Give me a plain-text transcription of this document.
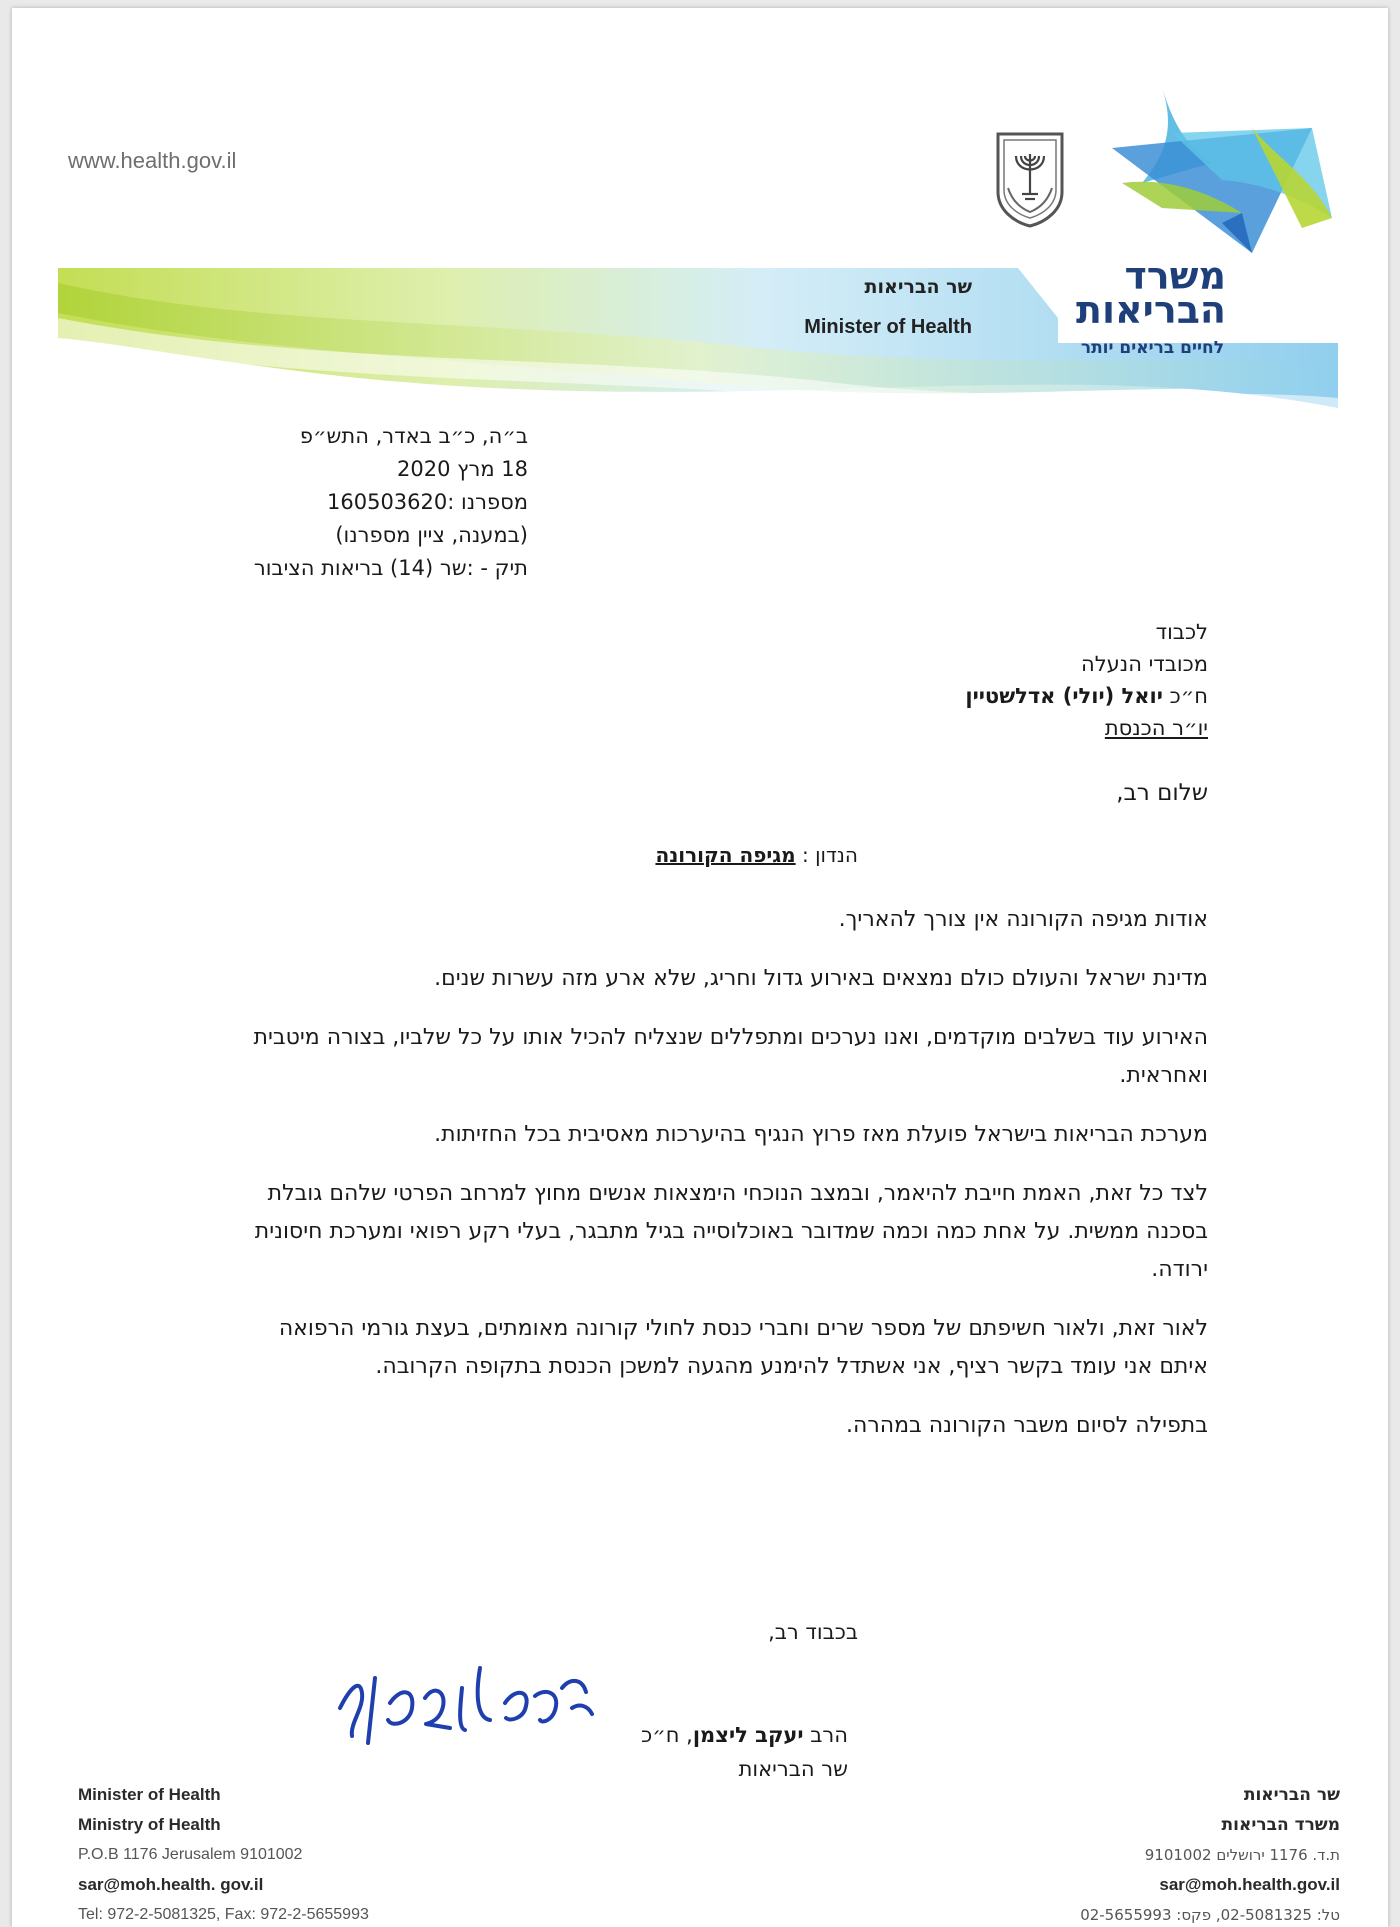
www.health.gov.il
משרד
הבריאות
לחיים בריאים יותר
שר הבריאות
Minister of Health
ב״ה, כ״ב באדר, התש״פ
18 מרץ 2020
מספרנו :160503620
(במענה, ציין מספרנו)
תיק - :שר (14) בריאות הציבור
לכבוד
מכובדי הנעלה
ח״כ יואל (יולי) אדלשטיין
יו״ר הכנסת
שלום רב,
הנדון : מגיפה הקורונה

אודות מגיפה הקורונה אין צורך להאריך.

מדינת ישראל והעולם כולם נמצאים באירוע גדול וחריג, שלא ארע מזה עשרות שנים.

האירוע עוד בשלבים מוקדמים, ואנו נערכים ומתפללים שנצליח להכיל אותו על כל שלביו, בצורה מיטבית ואחראית.

מערכת הבריאות בישראל פועלת מאז פרוץ הנגיף בהיערכות מאסיבית בכל החזיתות.

לצד כל זאת, האמת חייבת להיאמר, ובמצב הנוכחי הימצאות אנשים מחוץ למרחב הפרטי שלהם גובלת בסכנה ממשית. על אחת כמה וכמה שמדובר באוכלוסייה בגיל מתבגר, בעלי רקע רפואי ומערכת חיסונית ירודה.

לאור זאת, ולאור חשיפתם של מספר שרים וחברי כנסת לחולי קורונה מאומתים, בעצת גורמי הרפואה איתם אני עומד בקשר רציף, אני אשתדל להימנע מהגעה למשכן הכנסת בתקופה הקרובה.

בתפילה לסיום משבר הקורונה במהרה.

בכבוד רב,
הרב יעקב ליצמן, ח״כ
שר הבריאות
Minister of Health
Ministry of Health
P.O.B 1176 Jerusalem 9101002
sar@moh.health. gov.il
Tel: 972-2-5081325, Fax: 972-2-5655993
שר הבריאות
משרד הבריאות
ת.ד. 1176 ירושלים 9101002
sar@moh.health.gov.il
טל: 02-5081325, פקס: 02-5655993
